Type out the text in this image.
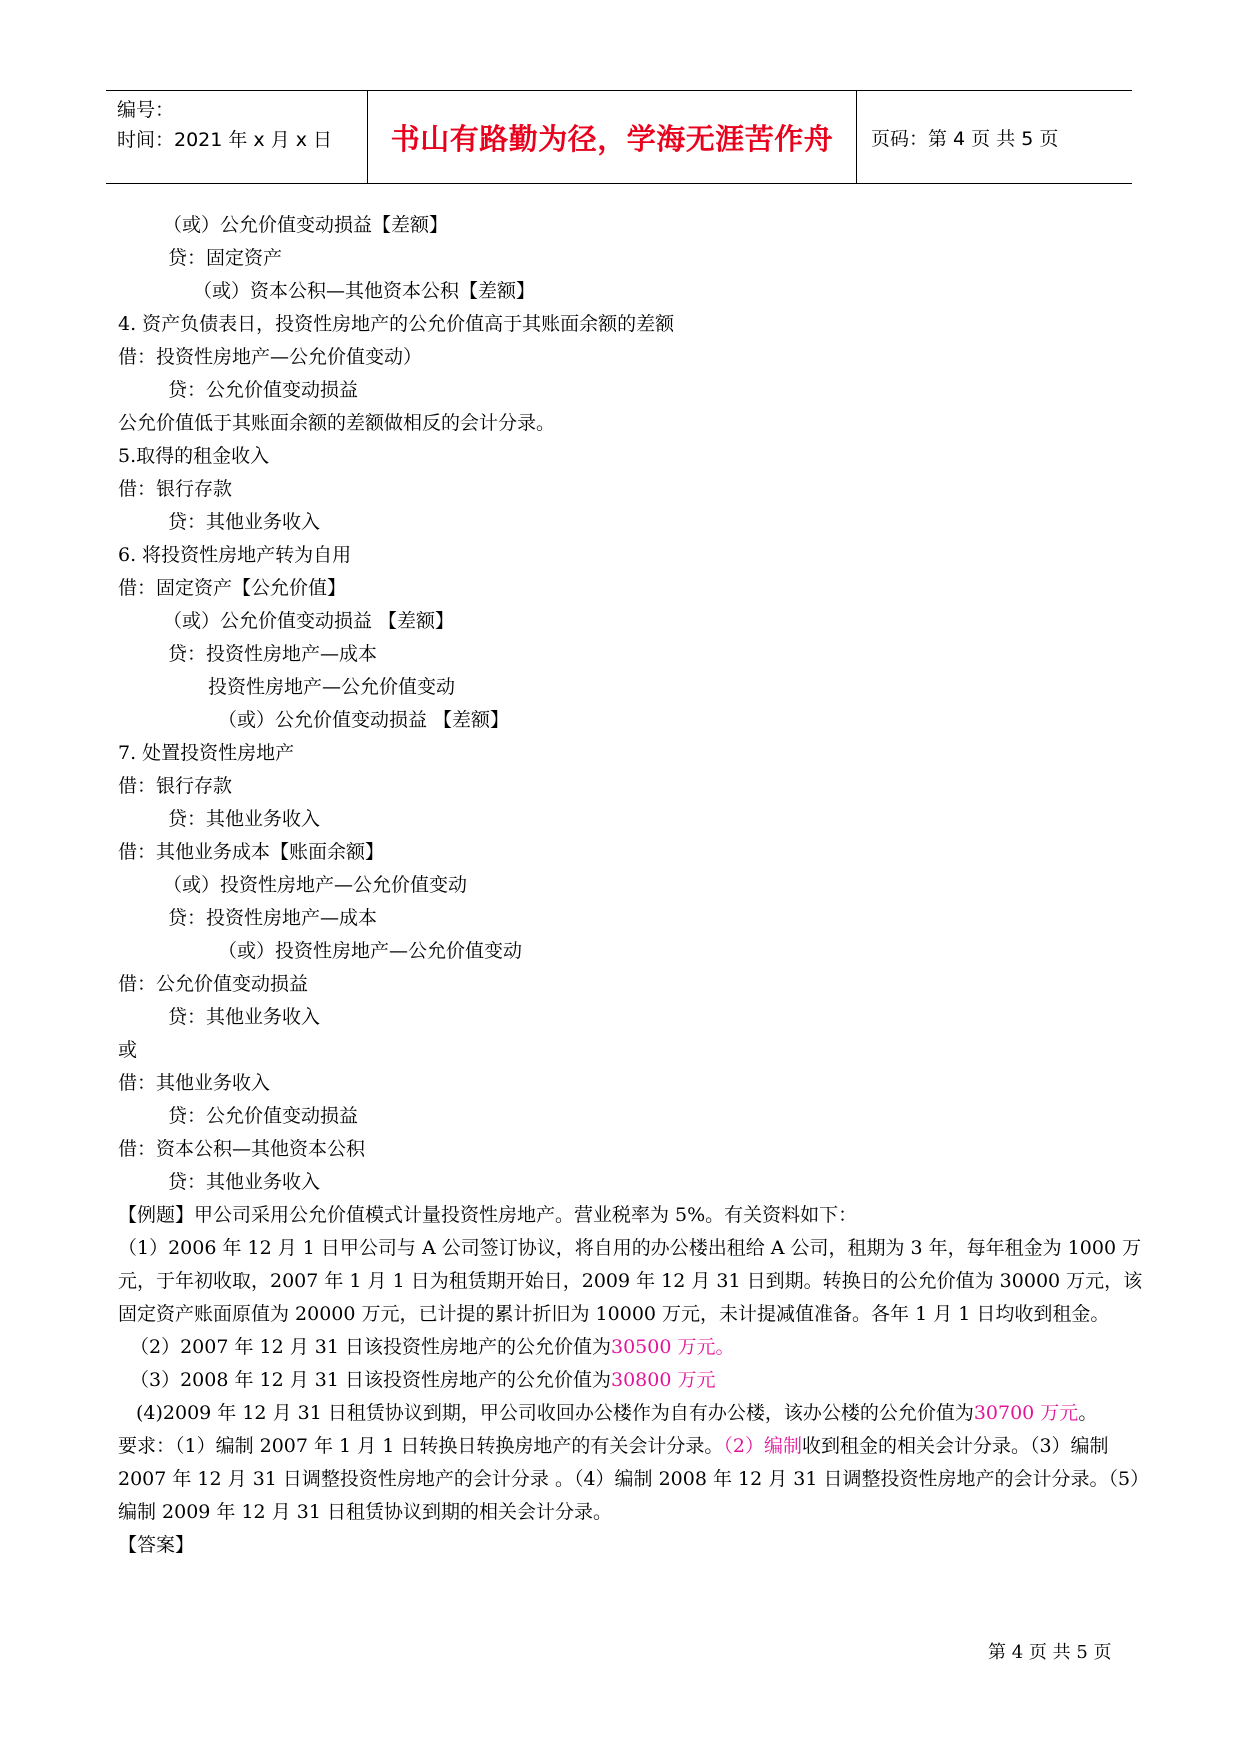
编号：
时间：2021 年 x 月 x 日	书山有路勤为径，学海无涯苦作舟	页码：第 4 页 共 5 页
（或）公允价值变动损益【差额】
贷：固定资产
（或）资本公积—其他资本公积【差额】
4. 资产负债表日，投资性房地产的公允价值高于其账面余额的差额
借：投资性房地产—公允价值变动）
贷：公允价值变动损益
公允价值低于其账面余额的差额做相反的会计分录。
5.取得的租金收入
借：银行存款
贷：其他业务收入
6. 将投资性房地产转为自用
借：固定资产【公允价值】
（或）公允价值变动损益 【差额】
贷：投资性房地产—成本
投资性房地产—公允价值变动
（或）公允价值变动损益 【差额】
7. 处置投资性房地产
借：银行存款
贷：其他业务收入
借：其他业务成本【账面余额】
（或）投资性房地产—公允价值变动
贷：投资性房地产—成本
（或）投资性房地产—公允价值变动
借：公允价值变动损益
贷：其他业务收入
或
借：其他业务收入
贷：公允价值变动损益
借：资本公积—其他资本公积
贷：其他业务收入
【例题】甲公司采用公允价值模式计量投资性房地产。营业税率为 5%。有关资料如下：
（1）2006 年 12 月 1 日甲公司与 A 公司签订协议，将自用的办公楼出租给 A 公司，租期为 3 年，每年租金为 1000 万元，于年初收取，2007 年 1 月 1 日为租赁期开始日，2009 年 12 月 31 日到期。转换日的公允价值为 30000 万元，该固定资产账面原值为 20000 万元，已计提的累计折旧为 10000 万元，未计提减值准备。各年 1 月 1 日均收到租金。
（2）2007 年 12 月 31 日该投资性房地产的公允价值为30500 万元。
（3）2008 年 12 月 31 日该投资性房地产的公允价值为30800 万元
(4)2009 年 12 月 31 日租赁协议到期，甲公司收回办公楼作为自有办公楼，该办公楼的公允价值为30700 万元。
要求：（1）编制 2007 年 1 月 1 日转换日转换房地产的有关会计分录。（2）编制收到租金的相关会计分录。（3）编制 2007 年 12 月 31 日调整投资性房地产的会计分录 。（4）编制 2008 年 12 月 31 日调整投资性房地产的会计分录。（5）编制 2009 年 12 月 31 日租赁协议到期的相关会计分录。
【答案】
第 4 页 共 5 页
